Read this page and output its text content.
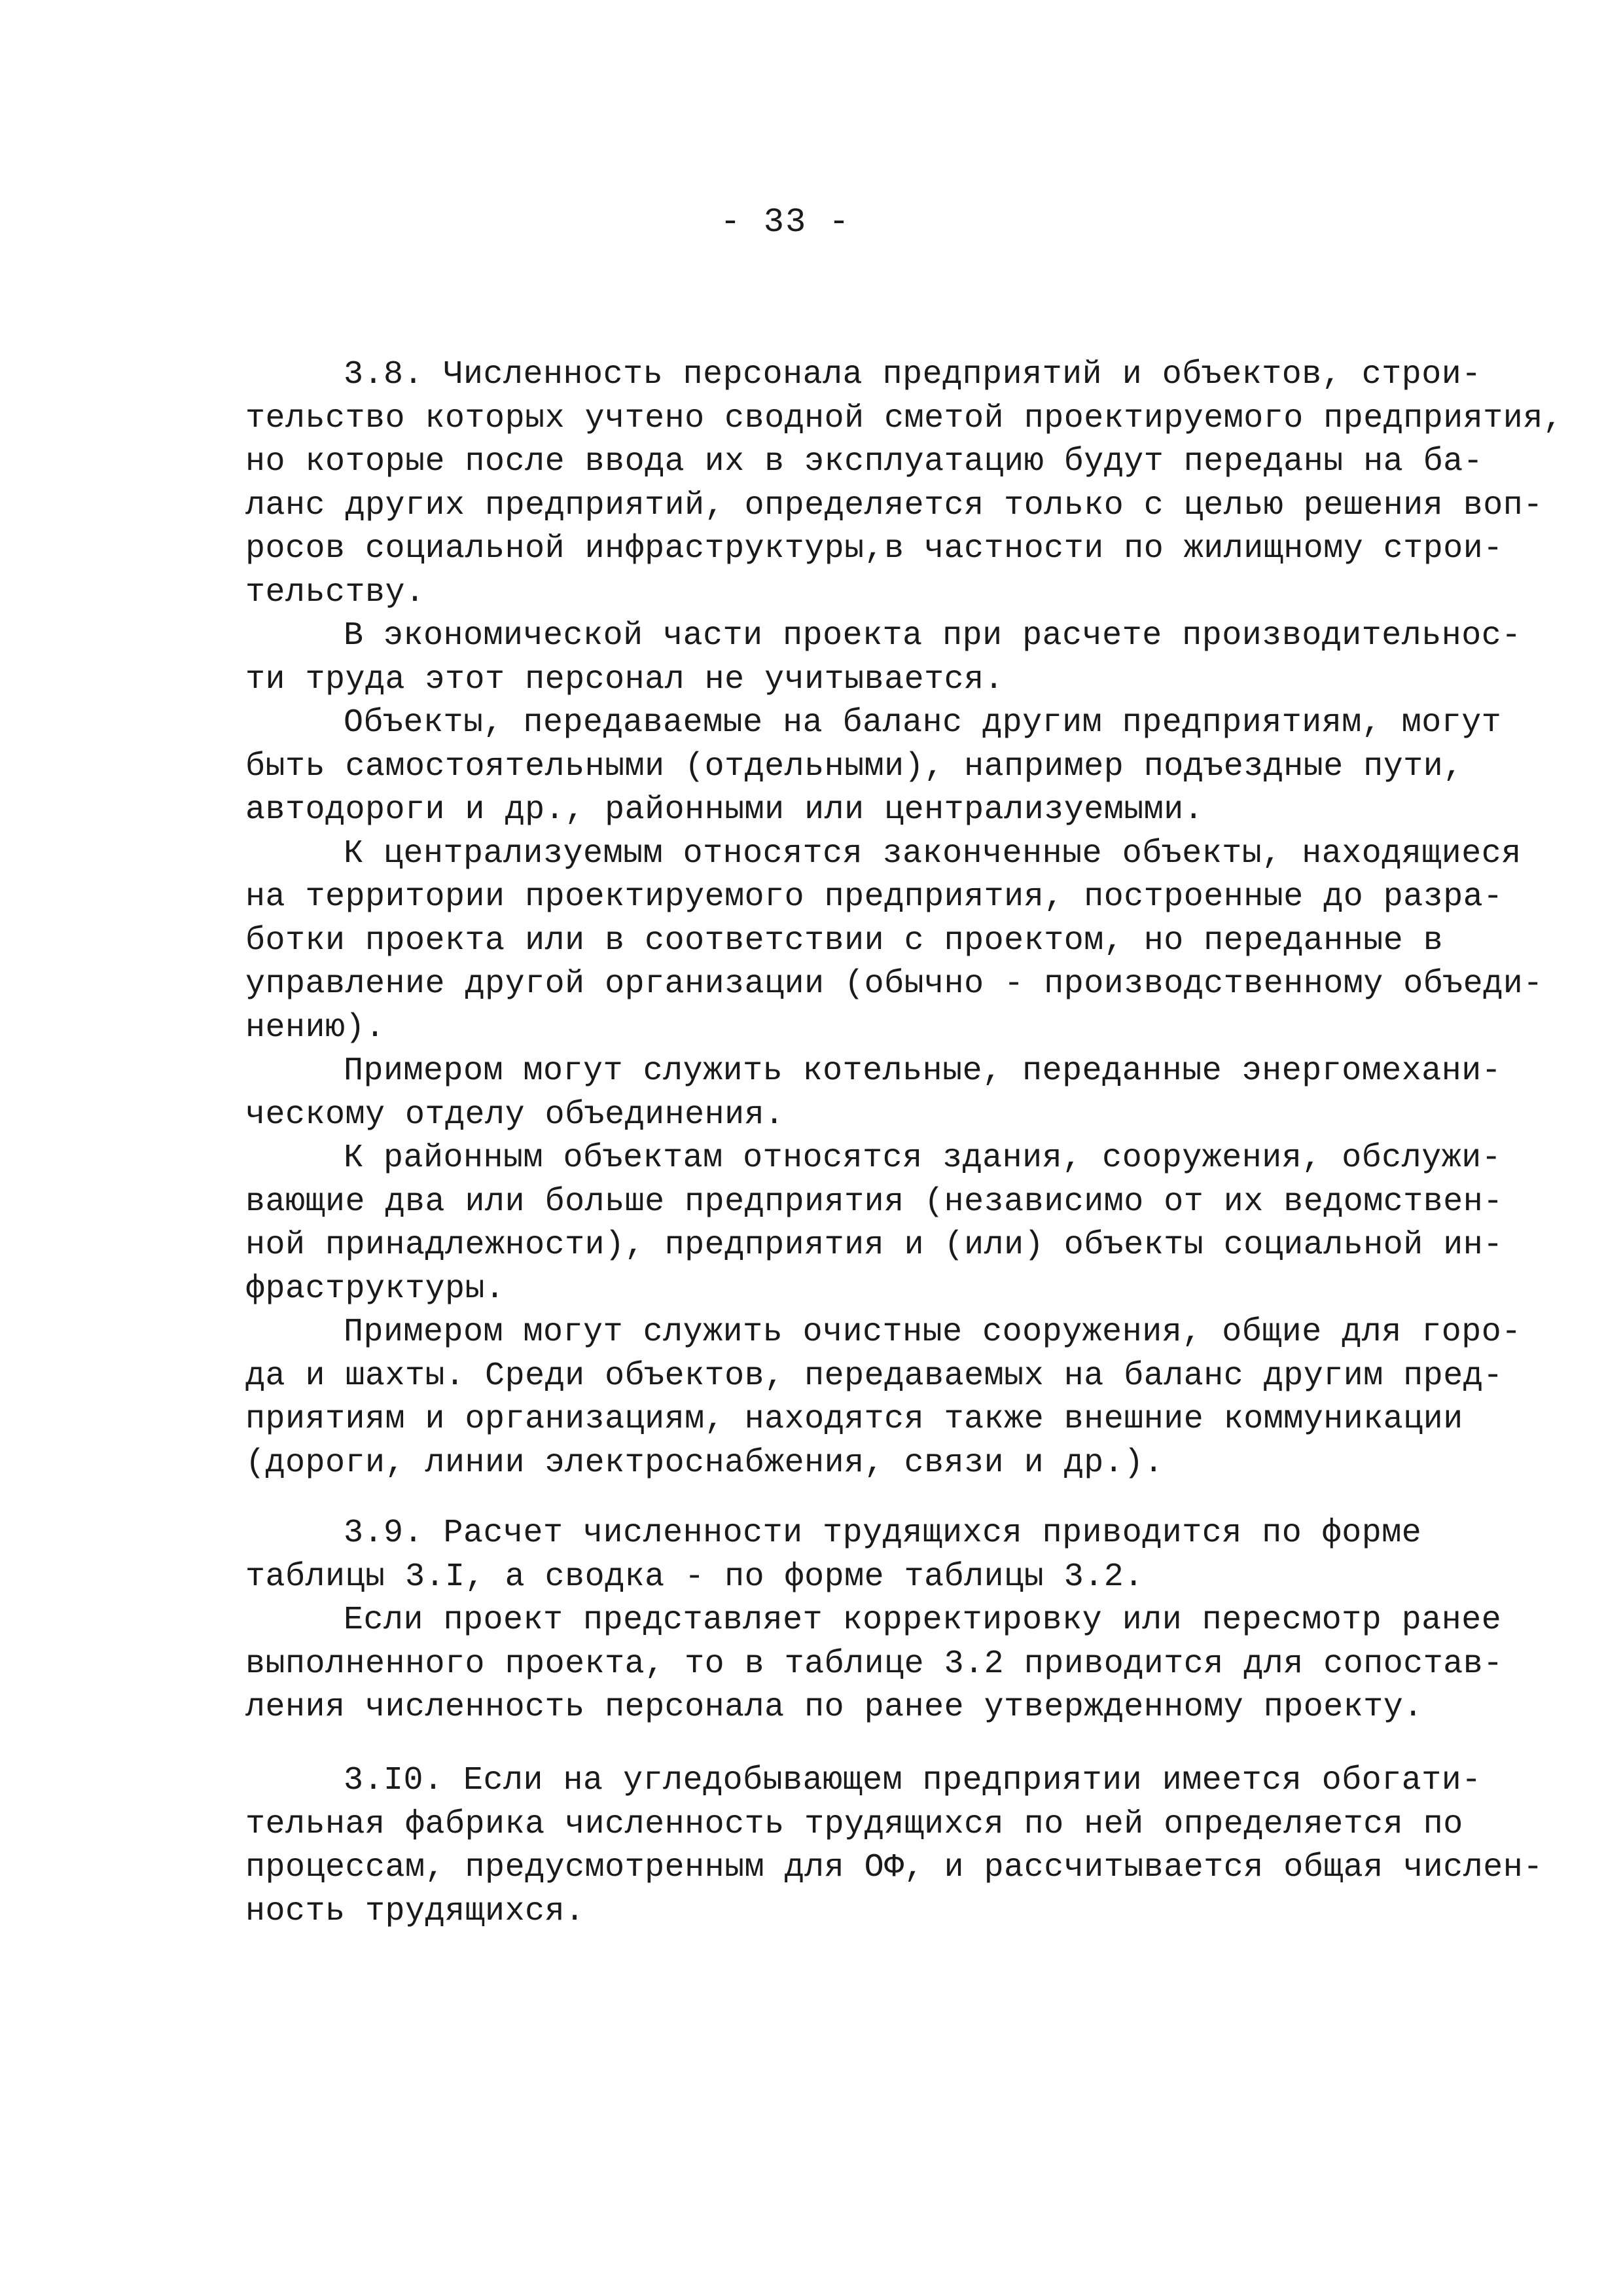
- 33 -
3.8. Численность персонала предприятий и объектов, строи-
тельство которых учтено сводной сметой проектируемого предприятия,
но которые после ввода их в эксплуатацию будут переданы на ба-
ланс других предприятий, определяется только с целью решения воп-
росов социальной инфраструктуры,в частности по жилищному строи-
тельству.
В экономической части проекта при расчете производительнос-
ти труда этот персонал не учитывается.
Объекты, передаваемые на баланс другим предприятиям, могут
быть самостоятельными (отдельными), например подъездные пути,
автодороги и др., районными или централизуемыми.
К централизуемым относятся законченные объекты, находящиеся
на территории проектируемого предприятия, построенные до разра-
ботки проекта или в соответствии с проектом, но переданные в
управление другой организации (обычно - производственному объеди-
нению).
Примером могут служить котельные, переданные энергомехани-
ческому отделу объединения.
К районным объектам относятся здания, сооружения, обслужи-
вающие два или больше предприятия (независимо от их ведомствен-
ной принадлежности), предприятия и (или) объекты социальной ин-
фраструктуры.
Примером могут служить очистные сооружения, общие для горо-
да и шахты. Среди объектов, передаваемых на баланс другим пред-
приятиям и организациям, находятся также внешние коммуникации
(дороги, линии электроснабжения, связи и др.).
3.9. Расчет численности трудящихся приводится по форме
таблицы 3.I, а сводка - по форме таблицы 3.2.
Если проект представляет корректировку или пересмотр ранее
выполненного проекта, то в таблице 3.2 приводится для сопостав-
ления численность персонала по ранее утвержденному проекту.
3.I0. Если на угледобывающем предприятии имеется обогати-
тельная фабрика численность трудящихся по ней определяется по
процессам, предусмотренным для ОФ, и рассчитывается общая числен-
ность трудящихся.
